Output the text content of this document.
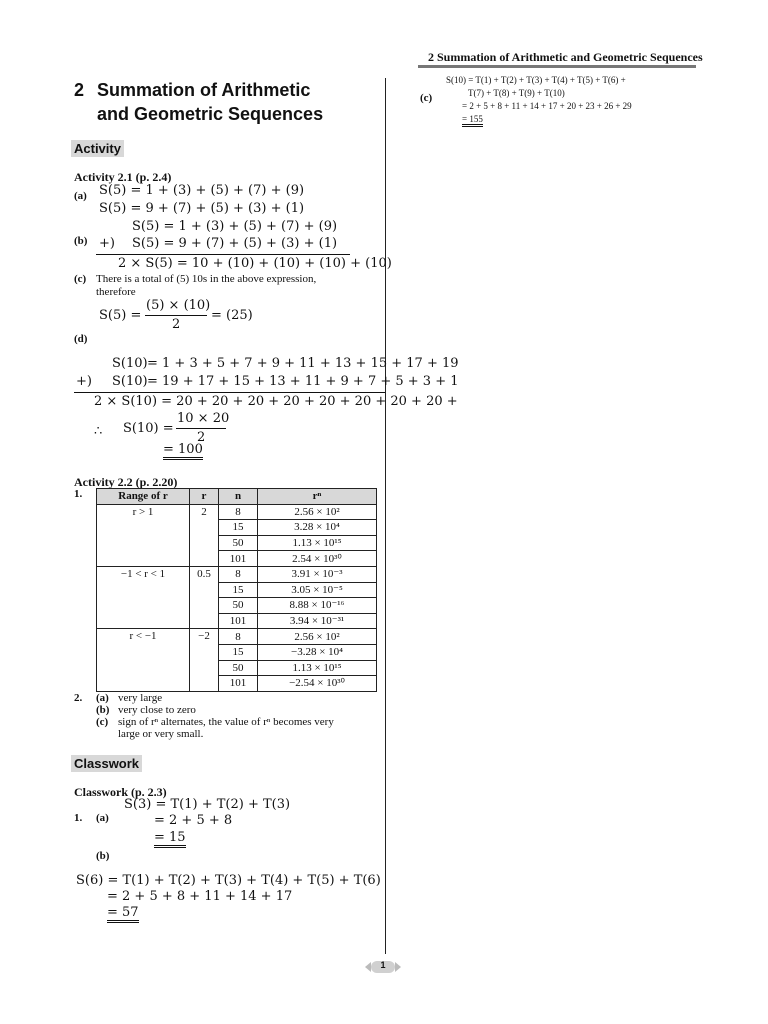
2 Summation of Arithmetic and Geometric Sequences
2 Summation of Arithmetic
and Geometric Sequences
Activity
Activity 2.1 (p. 2.4)
(a) S(5) = 1 + (3) + (5) + (7) + (9)
S(5) = 9 + (7) + (5) + (3) + (1)
(b)
S(5) = 1 + (3) + (5) + (7) + (9)
+) S(5) = 9 + (7) + (5) + (3) + (1)
2 × S(5) = 10 + (10) + (10) + (10) + (10)
(c) There is a total of (5) 10s in the above expression,
therefore
S(5) =
(5) × (10)
2
= (25)
(d)
S(10) = 1 + 3 + 5 + 7 + 9 + 11 + 13 + 15 + 17 + 19
+) S(10) = 19 + 17 + 15 + 13 + 11 + 9 + 7 + 5 + 3 + 1
2 × S(10) = 20 + 20 + 20 + 20 + 20 + 20 + 20 + 20 +
∴ S(10) =
10 × 20
2
= 100
Activity 2.2 (p. 2.20)
1.	Range of r	r	n	rⁿ
r > 1	2	8	2.56 × 10²
		15	3.28 × 10⁴
		50	1.13 × 10¹⁵
		101	2.54 × 10³⁰
−1 < r < 1	0.5	8	3.91 × 10⁻³
		15	3.05 × 10⁻⁵
		50	8.88 × 10⁻¹⁶
		101	3.94 × 10⁻³¹
r < −1	−2	8	2.56 × 10²
		15	−3.28 × 10⁴
		50	1.13 × 10¹⁵
		101	−2.54 × 10³⁰
2. (a) very large
(b) very close to zero
(c) sign of rⁿ alternates, the value of rⁿ becomes very
large or very small.
Classwork
Classwork (p. 2.3)
S(3) = T(1) + T(2) + T(3)
1. (a)	= 2 + 5 + 8
= 15
(b)
S(6) = T(1) + T(2) + T(3) + T(4) + T(5) + T(6)
= 2 + 5 + 8 + 11 + 14 + 17
= 57
S(10) = T(1) + T(2) + T(3) + T(4) + T(5) + T(6) +
(c)	T(7) + T(8) + T(9) + T(10)
= 2 + 5 + 8 + 11 + 14 + 17 + 20 + 23 + 26 + 29
= 155
1
